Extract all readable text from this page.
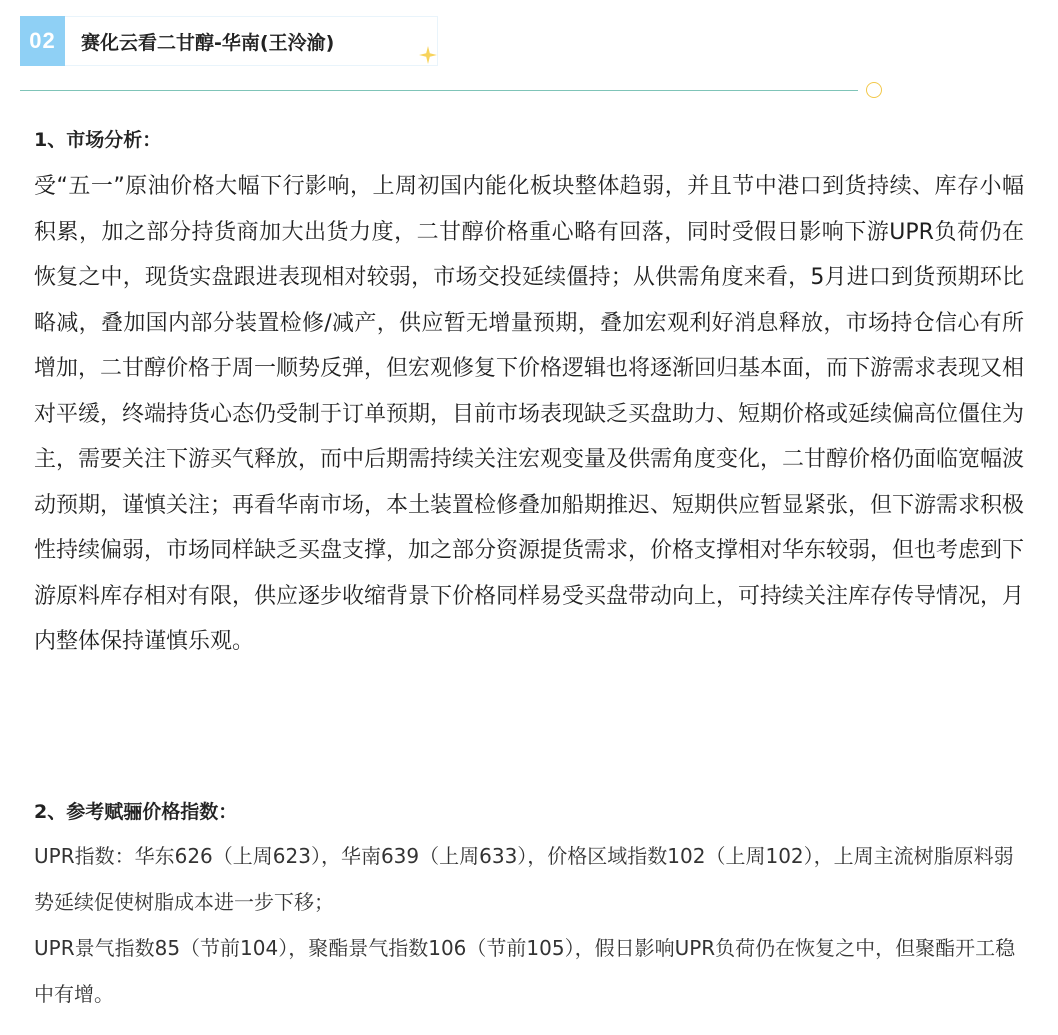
02	赛化云看二甘醇-华南(王泠渝)
1、市场分析：

受“五一”原油价格大幅下行影响，上周初国内能化板块整体趋弱，并且节中港口到货持续、库存小幅积累，加之部分持货商加大出货力度，二甘醇价格重心略有回落，同时受假日影响下游UPR负荷仍在恢复之中，现货实盘跟进表现相对较弱，市场交投延续僵持；从供需角度来看，5月进口到货预期环比略减，叠加国内部分装置检修/减产，供应暂无增量预期，叠加宏观利好消息释放，市场持仓信心有所增加，二甘醇价格于周一顺势反弹，但宏观修复下价格逻辑也将逐渐回归基本面，而下游需求表现又相对平缓，终端持货心态仍受制于订单预期，目前市场表现缺乏买盘助力、短期价格或延续偏高位僵住为主，需要关注下游买气释放，而中后期需持续关注宏观变量及供需角度变化，二甘醇价格仍面临宽幅波动预期，谨慎关注；再看华南市场，本土装置检修叠加船期推迟、短期供应暂显紧张，但下游需求积极性持续偏弱，市场同样缺乏买盘支撑，加之部分资源提货需求，价格支撑相对华东较弱，但也考虑到下游原料库存相对有限，供应逐步收缩背景下价格同样易受买盘带动向上，可持续关注库存传导情况，月内整体保持谨慎乐观。

2、参考赋骊价格指数：

UPR指数：华东626（上周623），华南639（上周633），价格区域指数102（上周102），上周主流树脂原料弱势延续促使树脂成本进一步下移；

UPR景气指数85（节前104），聚酯景气指数106（节前105），假日影响UPR负荷仍在恢复之中，但聚酯开工稳中有增。
